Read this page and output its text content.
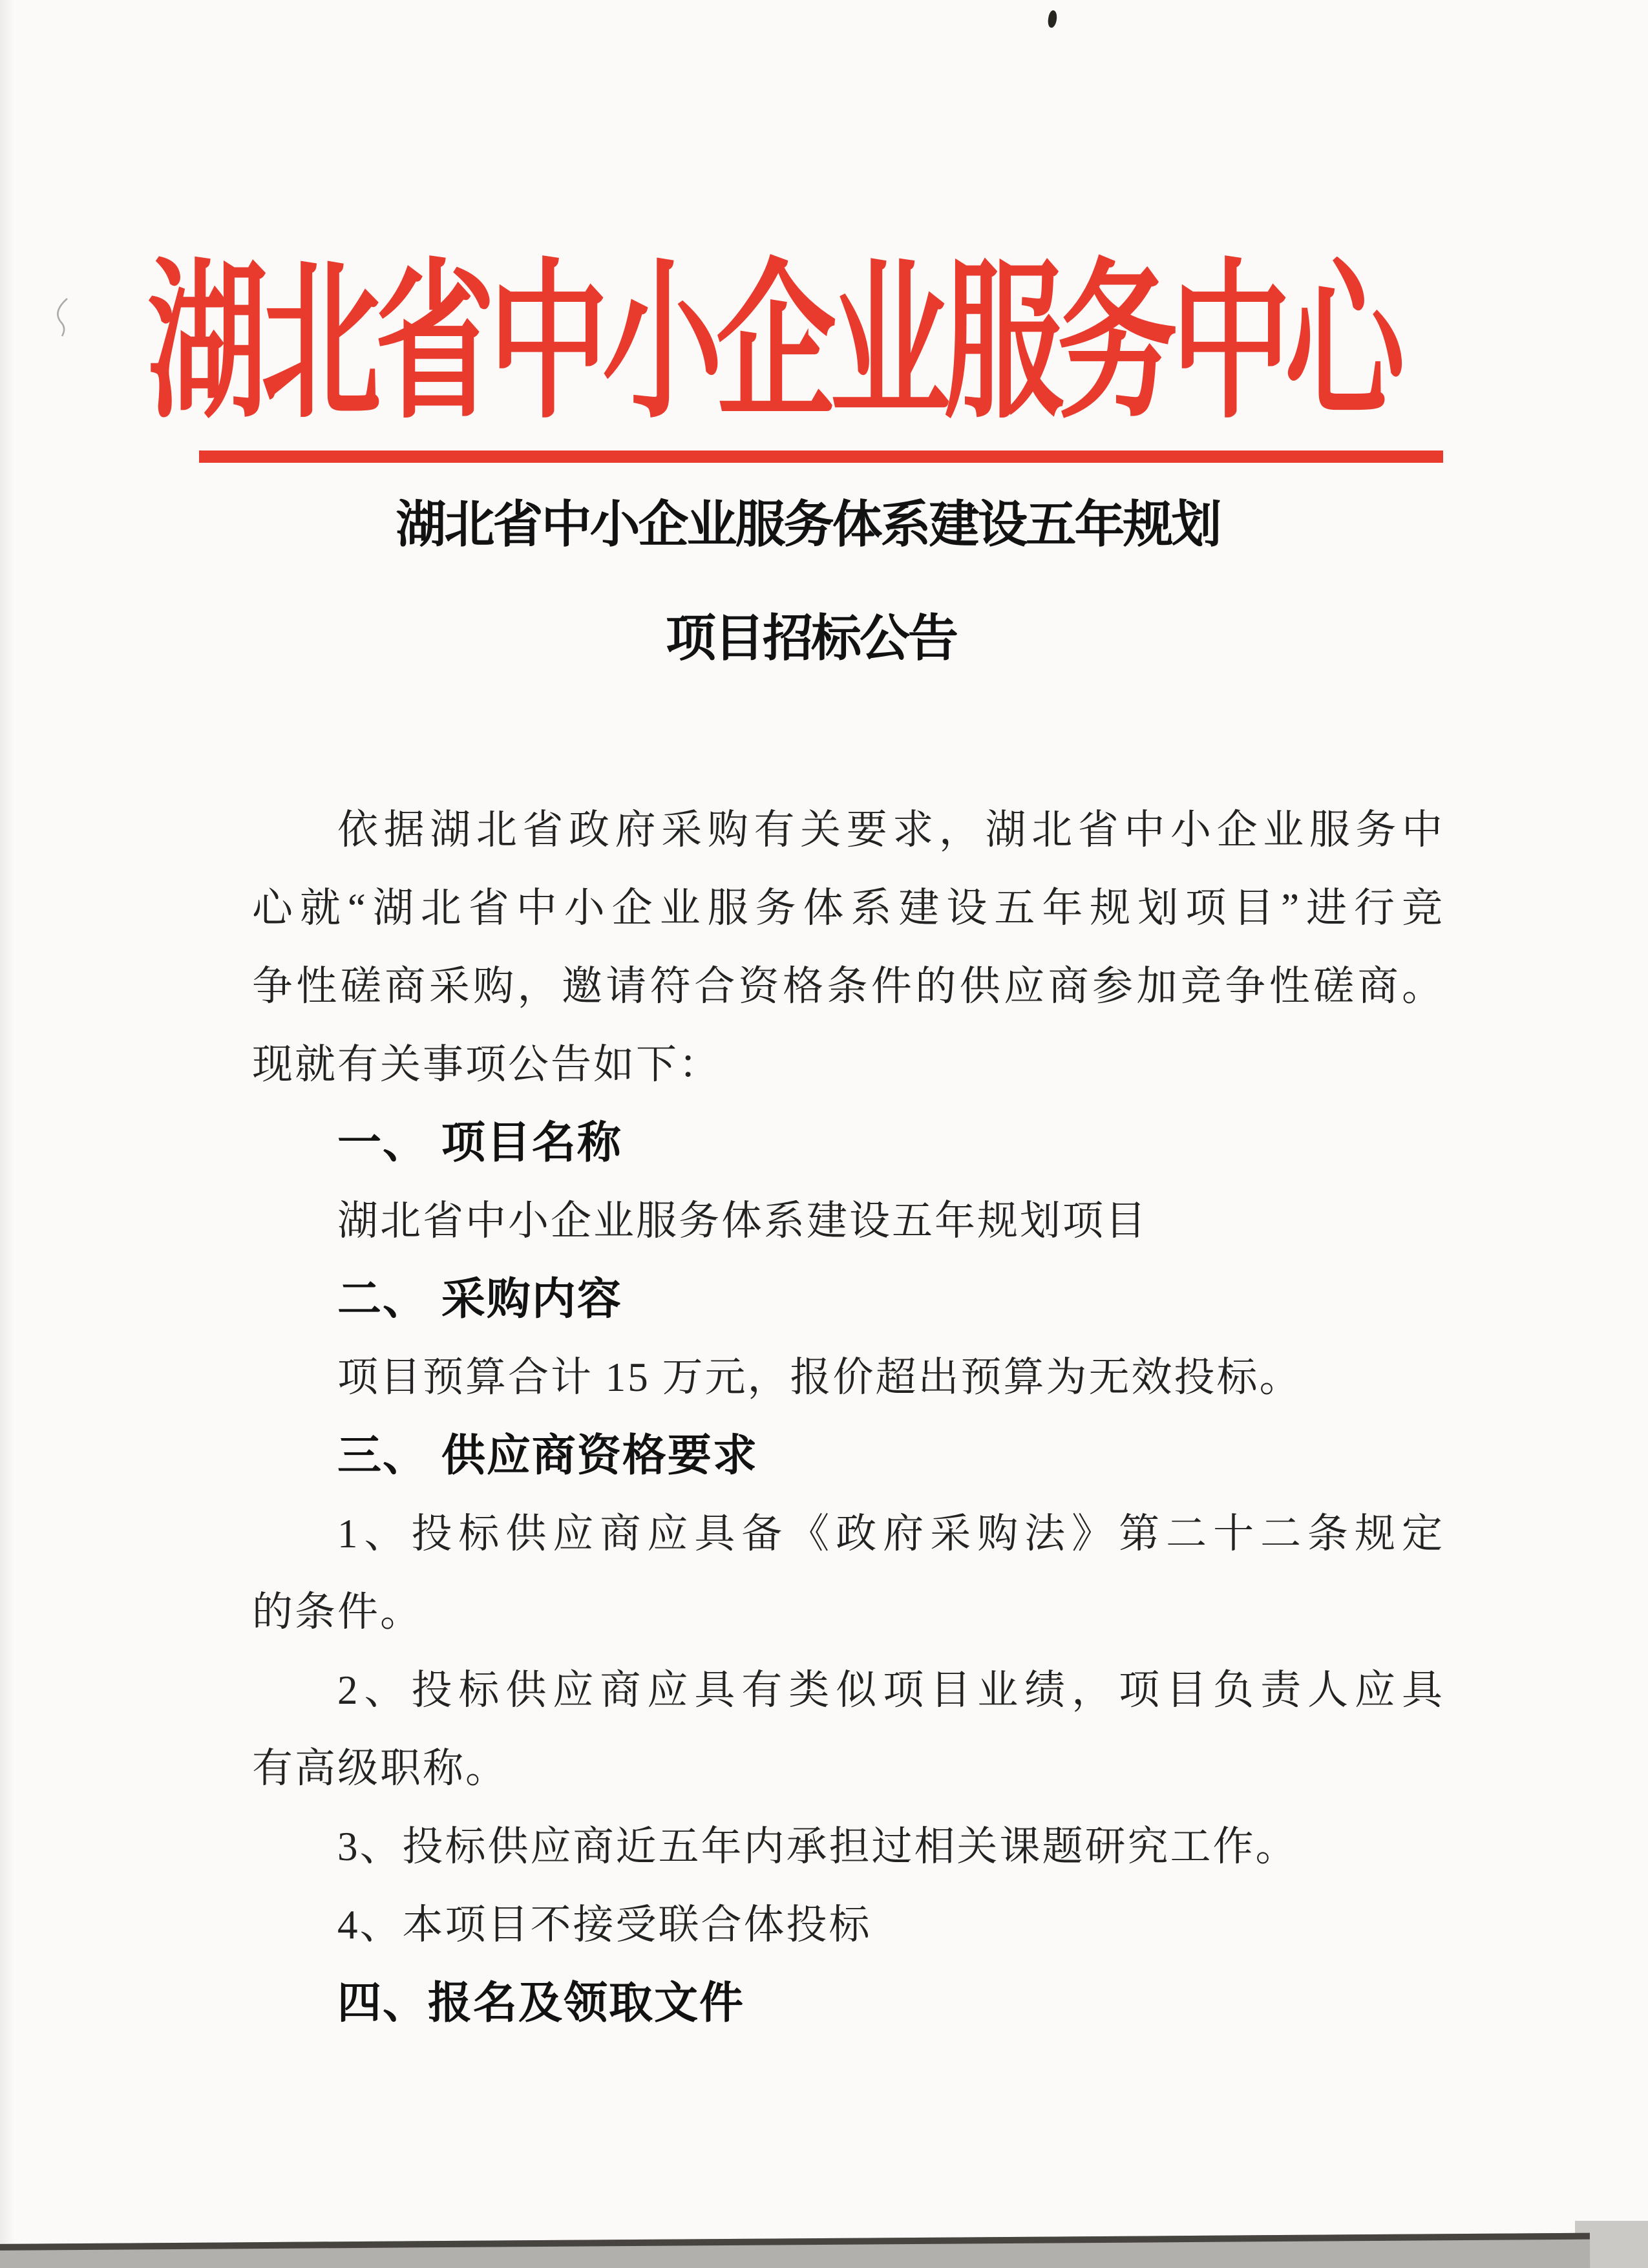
湖北省中小企业服务中心
湖北省中小企业服务体系建设五年规划
项目招标公告
依据湖北省政府采购有关要求，湖北省中小企业服务中
心就“湖北省中小企业服务体系建设五年规划项目”进行竞
争性磋商采购，邀请符合资格条件的供应商参加竞争性磋商。
现就有关事项公告如下：
一、 项目名称
湖北省中小企业服务体系建设五年规划项目
二、 采购内容
项目预算合计 15 万元，报价超出预算为无效投标。
三、 供应商资格要求
1、投标供应商应具备《政府采购法》第二十二条规定
的条件。
2、投标供应商应具有类似项目业绩，项目负责人应具
有高级职称。
3、投标供应商近五年内承担过相关课题研究工作。
4、本项目不接受联合体投标
四、报名及领取文件
